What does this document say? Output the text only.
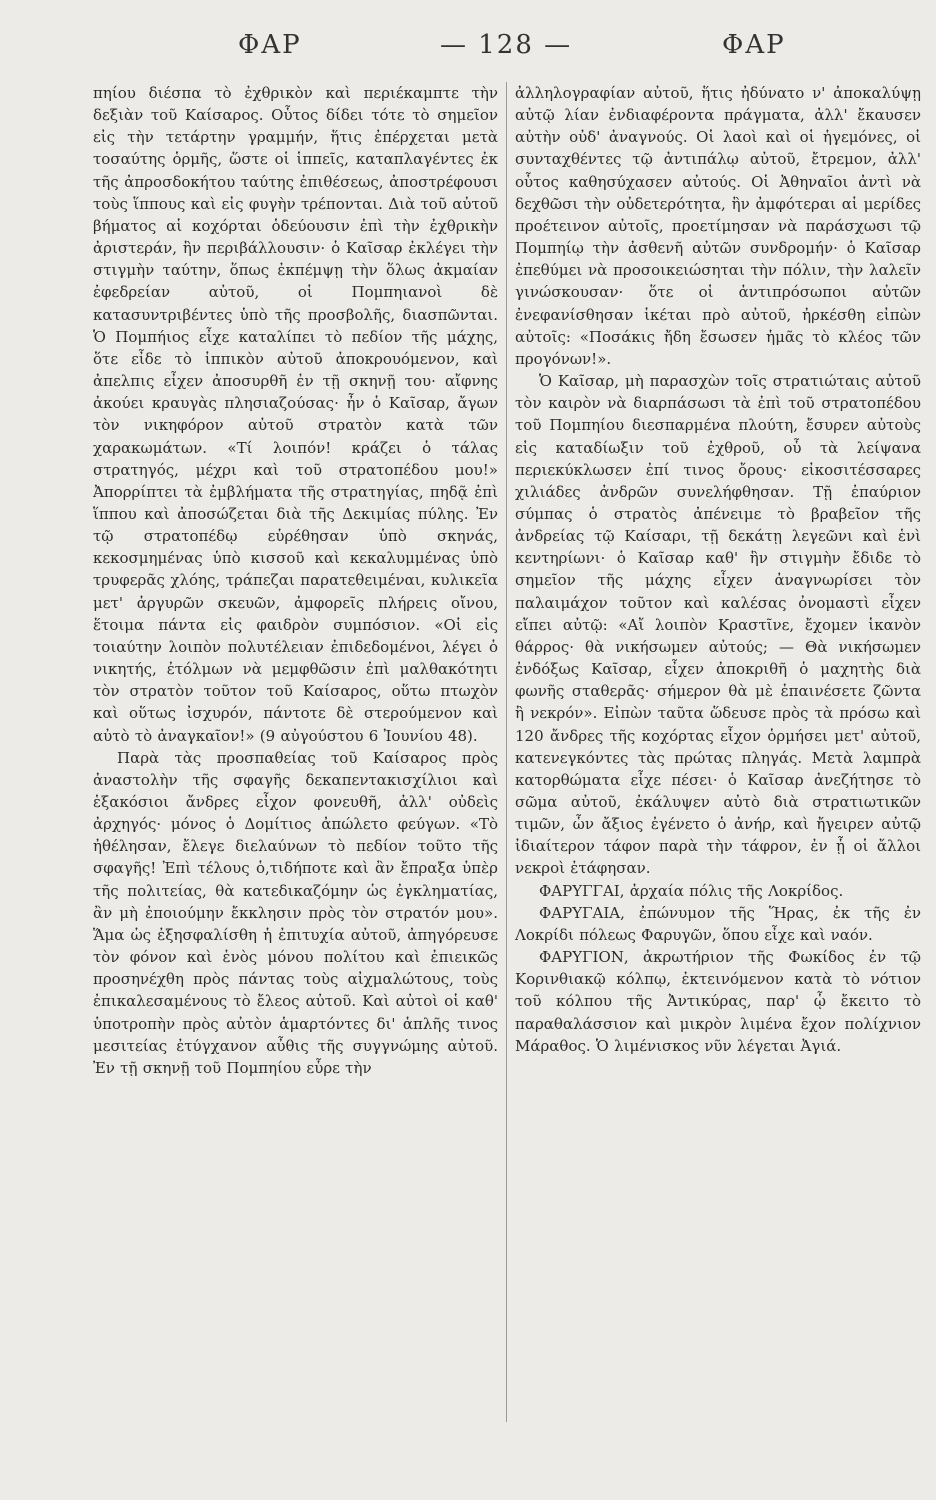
ΦΑΡ	— 128 —	ΦΑΡ

πηίου διέσπα τὸ ἐχθρικὸν καὶ περιέκαμπτε τὴν δεξιὰν τοῦ Καίσαρος. Οὗτος δίδει τότε τὸ σημεῖον εἰς τὴν τετάρτην γραμμήν, ἥτις ἐπέρχεται μετὰ τοσαύτης ὁρμῆς, ὥστε οἱ ἱππεῖς, καταπλαγέντες ἐκ τῆς ἀπροσδοκήτου ταύτης ἐπιθέσεως, ἀποστρέφουσι τοὺς ἵππους καὶ εἰς φυγὴν τρέπονται. Διὰ τοῦ αὐτοῦ βήματος αἱ κοχόρται ὁδεύουσιν ἐπὶ τὴν ἐχθρικὴν ἀριστεράν, ἣν περιβάλλουσιν· ὁ Καῖσαρ ἐκλέγει τὴν στιγμὴν ταύτην, ὅπως ἐκπέμψῃ τὴν ὅλως ἀκμαίαν ἐφεδρείαν αὐτοῦ, οἱ Πομπηιανοὶ δὲ κατασυντριβέντες ὑπὸ τῆς προσβολῆς, διασπῶνται. Ὁ Πομπήιος εἶχε καταλίπει τὸ πεδίον τῆς μάχης, ὅτε εἶδε τὸ ἱππικὸν αὐτοῦ ἀποκρουόμενον, καὶ ἀπελπις εἶχεν ἀποσυρθῆ ἐν τῇ σκηνῇ του· αἴφνης ἀκούει κραυγὰς πλησιαζούσας· ἦν ὁ Καῖσαρ, ἄγων τὸν νικηφόρον αὐτοῦ στρατὸν κατὰ τῶν χαρακωμάτων. «Τί λοιπόν! κράζει ὁ τάλας στρατηγός, μέχρι καὶ τοῦ στρατοπέδου μου!» Ἀπορρίπτει τὰ ἐμβλήματα τῆς στρατηγίας, πηδᾷ ἐπὶ ἵππου καὶ ἀποσώζεται διὰ τῆς Δεκιμίας πύλης. Ἐν τῷ στρατοπέδῳ εὑρέθησαν ὑπὸ σκηνάς, κεκοσμημένας ὑπὸ κισσοῦ καὶ κεκαλυμμένας ὑπὸ τρυφερᾶς χλόης, τράπεζαι παρατεθειμέναι, κυλικεῖα μετ' ἀργυρῶν σκευῶν, ἀμφορεῖς πλήρεις οἴνου, ἕτοιμα πάντα εἰς φαιδρὸν συμπόσιον. «Οἱ εἰς τοιαύτην λοιπὸν πολυτέλειαν ἐπιδεδομένοι, λέγει ὁ νικητής, ἐτόλμων νὰ μεμφθῶσιν ἐπὶ μαλθακότητι τὸν στρατὸν τοῦτον τοῦ Καίσαρος, οὕτω πτωχὸν καὶ οὕτως ἰσχυρόν, πάντοτε δὲ στερούμενον καὶ αὐτὸ τὸ ἀναγκαῖον!» (9 αὐγούστου 6 Ἰουνίου 48).

Παρὰ τὰς προσπαθείας τοῦ Καίσαρος πρὸς ἀναστολὴν τῆς σφαγῆς δεκαπεντακισχίλιοι καὶ ἑξακόσιοι ἄνδρες εἶχον φονευθῆ, ἀλλ' οὐδεὶς ἀρχηγός· μόνος ὁ Δομίτιος ἀπώλετο φεύγων. «Τὸ ἠθέλησαν, ἔλεγε διελαύνων τὸ πεδίον τοῦτο τῆς σφαγῆς! Ἐπὶ τέλους ὁ,τιδήποτε καὶ ἂν ἔπραξα ὑπὲρ τῆς πολιτείας, θὰ κατεδικαζόμην ὡς ἐγκληματίας, ἂν μὴ ἐποιούμην ἔκκλησιν πρὸς τὸν στρατόν μου». Ἅμα ὡς ἐξησφαλίσθη ἡ ἐπιτυχία αὐτοῦ, ἀπηγόρευσε τὸν φόνον καὶ ἑνὸς μόνου πολίτου καὶ ἐπιεικῶς προσηνέχθη πρὸς πάντας τοὺς αἰχμαλώτους, τοὺς ἐπικαλεσαμένους τὸ ἔλεος αὐτοῦ. Καὶ αὐτοὶ οἱ καθ' ὑποτροπὴν πρὸς αὐτὸν ἁμαρτόντες δι' ἁπλῆς τινος μεσιτείας ἐτύγχανον αὖθις τῆς συγγνώμης αὐτοῦ. Ἐν τῇ σκηνῇ τοῦ Πομπηίου εὗρε τὴν

ἀλληλογραφίαν αὐτοῦ, ἥτις ἠδύνατο ν' ἀποκαλύψῃ αὐτῷ λίαν ἐνδιαφέροντα πράγματα, ἀλλ' ἔκαυσεν αὐτὴν οὐδ' ἀναγνούς. Οἱ λαοὶ καὶ οἱ ἡγεμόνες, οἱ συνταχθέντες τῷ ἀντιπάλῳ αὐτοῦ, ἔτρεμον, ἀλλ' οὗτος καθησύχασεν αὐτούς. Οἱ Ἀθηναῖοι ἀντὶ νὰ δεχθῶσι τὴν οὐδετερότητα, ἣν ἀμφότεραι αἱ μερίδες προέτεινον αὐτοῖς, προετίμησαν νὰ παράσχωσι τῷ Πομπηίῳ τὴν ἀσθενῆ αὐτῶν συνδρομήν· ὁ Καῖσαρ ἐπεθύμει νὰ προσοικειώσηται τὴν πόλιν, τὴν λαλεῖν γινώσκουσαν· ὅτε οἱ ἀντιπρόσωποι αὐτῶν ἐνεφανίσθησαν ἱκέται πρὸ αὐτοῦ, ἠρκέσθη εἰπὼν αὐτοῖς: «Ποσάκις ἤδη ἔσωσεν ἡμᾶς τὸ κλέος τῶν προγόνων!».

Ὁ Καῖσαρ, μὴ παρασχὼν τοῖς στρατιώταις αὐτοῦ τὸν καιρὸν νὰ διαρπάσωσι τὰ ἐπὶ τοῦ στρατοπέδου τοῦ Πομπηίου διεσπαρμένα πλούτη, ἔσυρεν αὐτοὺς εἰς καταδίωξιν τοῦ ἐχθροῦ, οὗ τὰ λείψανα περιεκύκλωσεν ἐπί τινος ὄρους· εἰκοσιτέσσαρες χιλιάδες ἀνδρῶν συνελήφθησαν. Τῇ ἐπαύριον σύμπας ὁ στρατὸς ἀπένειμε τὸ βραβεῖον τῆς ἀνδρείας τῷ Καίσαρι, τῇ δεκάτῃ λεγεῶνι καὶ ἑνὶ κεντηρίωνι· ὁ Καῖσαρ καθ' ἣν στιγμὴν ἔδιδε τὸ σημεῖον τῆς μάχης εἶχεν ἀναγνωρίσει τὸν παλαιμάχον τοῦτον καὶ καλέσας ὀνομαστὶ εἶχεν εἴπει αὐτῷ: «Αἴ λοιπὸν Κραστῖνε, ἔχομεν ἱκανὸν θάρρος· θὰ νικήσωμεν αὐτούς; — Θὰ νικήσωμεν ἐνδόξως Καῖσαρ, εἶχεν ἀποκριθῆ ὁ μαχητὴς διὰ φωνῆς σταθερᾶς· σήμερον θὰ μὲ ἐπαινέσετε ζῶντα ἢ νεκρόν». Εἰπὼν ταῦτα ὥδευσε πρὸς τὰ πρόσω καὶ 120 ἄνδρες τῆς κοχόρτας εἶχον ὁρμήσει μετ' αὐτοῦ, κατενεγκόντες τὰς πρώτας πληγάς. Μετὰ λαμπρὰ κατορθώματα εἶχε πέσει· ὁ Καῖσαρ ἀνεζήτησε τὸ σῶμα αὐτοῦ, ἐκάλυψεν αὐτὸ διὰ στρατιωτικῶν τιμῶν, ὧν ἄξιος ἐγένετο ὁ ἀνήρ, καὶ ἤγειρεν αὐτῷ ἰδιαίτερον τάφον παρὰ τὴν τάφρον, ἐν ᾗ οἱ ἄλλοι νεκροὶ ἐτάφησαν.

ΦΑΡΥΓΓΑΙ, ἀρχαία πόλις τῆς Λοκρίδος.

ΦΑΡΥΓΑΙΑ, ἐπώνυμον τῆς Ἥρας, ἐκ τῆς ἐν Λοκρίδι πόλεως Φαρυγῶν, ὅπου εἶχε καὶ ναόν.

ΦΑΡΥΓΙΟΝ, ἀκρωτήριον τῆς Φωκίδος ἐν τῷ Κορινθιακῷ κόλπῳ, ἐκτεινόμενον κατὰ τὸ νότιον τοῦ κόλπου τῆς Ἀντικύρας, παρ' ᾧ ἔκειτο τὸ παραθαλάσσιον καὶ μικρὸν λιμένα ἔχον πολίχνιον Μάραθος. Ὁ λιμένισκος νῦν λέγεται Ἀγιά.
